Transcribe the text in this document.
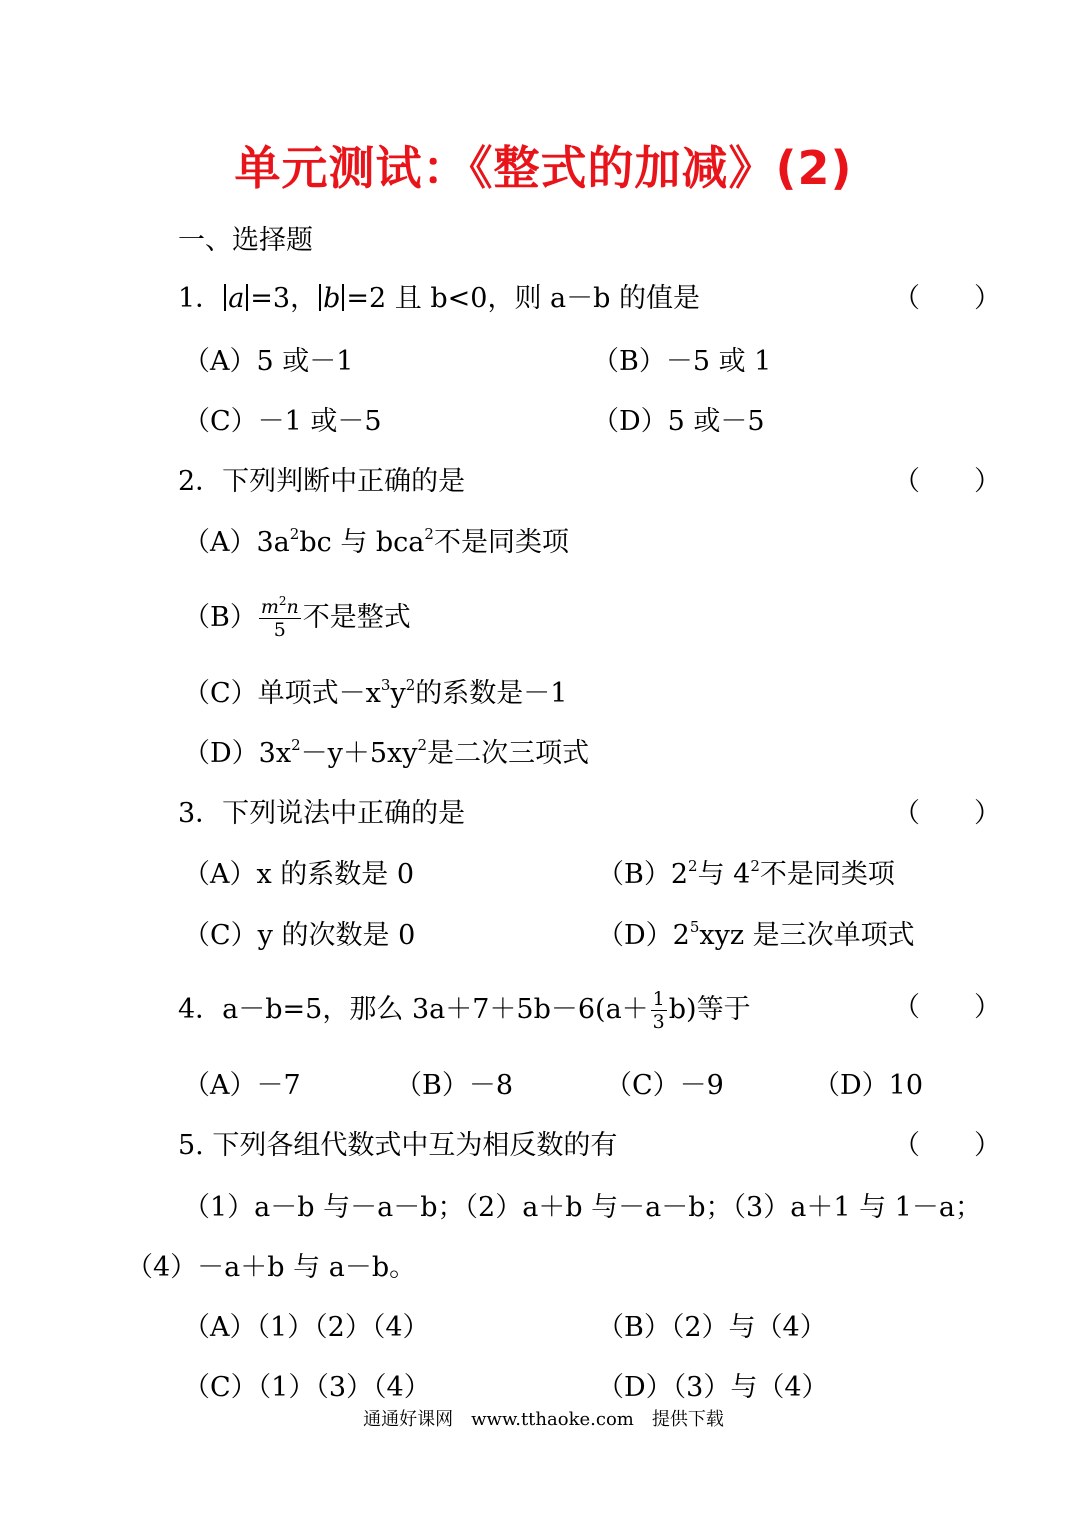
单元测试：《整式的加减》(2)
一、选择题
1． a =3， b =2 且 b<0，则 a－b 的值是	（　　）
（A）5 或－1	（B）－5 或 1
（C）－1 或－5	（D）5 或－5
2．下列判断中正确的是	（　　）
$(A)3a^2bc$ 与 bca$^2$不是同类项
$(B) \frac{m^2n}{5}$ 不是整式
（C）单项式$-x^3y^2$的系数是－1
$(D)3x^2-y+5xy^2$是二次三项式
3．下列说法中正确的是	（　　）
（A）x 的系数是 0	$(B)2^2$与 $4^2$不是同类项
（C）y 的次数是 0	$(D)2^5xyz$ 是三次单项式
4．a－b=5，那么 $3a+7+5b-6(a+ \frac{1}{3} b)$等于	（　　）
（A）－7	（B）－8	（C）－9	（D）10
5. 下列各组代数式中互为相反数的有	（　　）
（1）a－b 与－a－b；（2）a＋b 与－a－b；（3）a＋1 与 1－a；
（4）－a＋b 与 a－b。
（A）（1）（2）（4）	（B）（2）与（4）
（C）（1）（3）（4）	（D）（3）与（4）
通通好课网　www.tthaoke.com　提供下载
